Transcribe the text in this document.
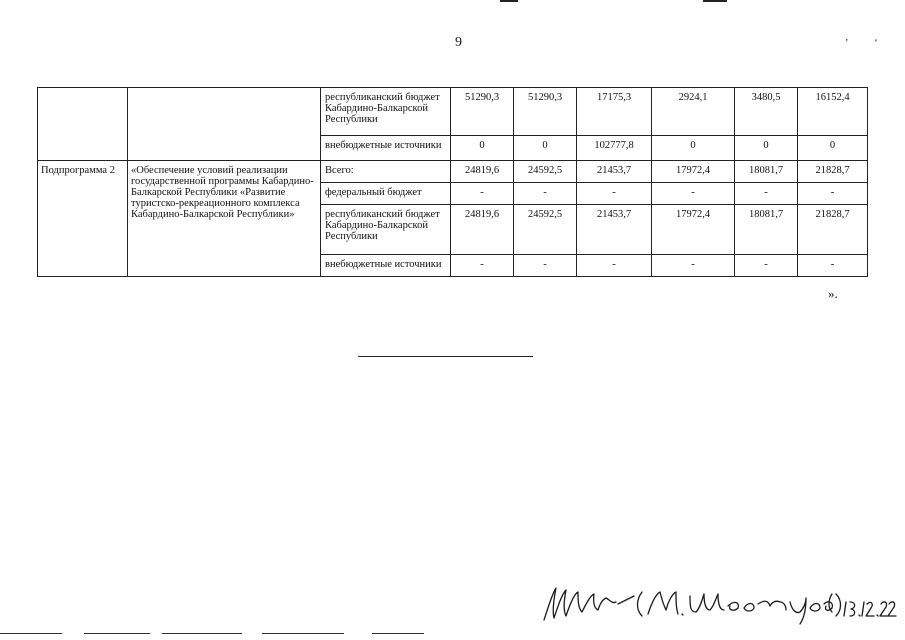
9	’‘
		республиканский бюджет Кабардино-Балкарской Республики	51290,3	51290,3	17175,3	2924,1	3480,5	16152,4
		внебюджетные источники	0	0	102777,8	0	0	0
Подпрограмма 2	«Обеспечение условий реализации государственной программы Кабардино-Балкарской Республики «Развитие туристско-рекреационного комплекса Кабардино-Балкарской Республики»	Всего:	24819,6	24592,5	21453,7	17972,4	18081,7	21828,7
		федеральный бюджет	-	-	-	-	-	-
		республиканский бюджет Кабардино-Балкарской Республики	24819,6	24592,5	21453,7	17972,4	18081,7	21828,7
		внебюджетные источники	-	-	-	-	-	-
».
